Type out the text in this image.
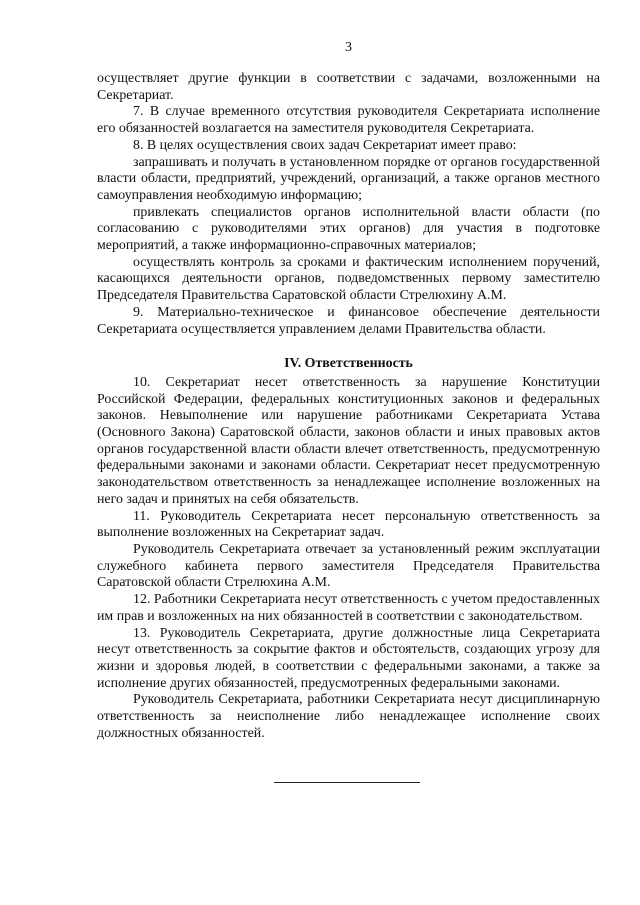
3

осуществляет другие функции в соответствии с задачами, возложенными на Секретариат.

7. В случае временного отсутствия руководителя Секретариата исполнение его обязанностей возлагается на заместителя руководителя Секретариата.

8. В целях осуществления своих задач Секретариат имеет право:

запрашивать и получать в установленном порядке от органов государственной власти области, предприятий, учреждений, организаций, а также органов местного самоуправления необходимую информацию;

привлекать специалистов органов исполнительной власти области (по согласованию с руководителями этих органов) для участия в подготовке мероприятий, а также информационно-справочных материалов;

осуществлять контроль за сроками и фактическим исполнением поручений, касающихся деятельности органов, подведомственных первому заместителю Председателя Правительства Саратовской области Стрелюхину А.М.

9. Материально-техническое и финансовое обеспечение деятельности Секретариата осуществляется управлением делами Правительства области.

IV. Ответственность

10. Секретариат несет ответственность за нарушение Конституции Российской Федерации, федеральных конституционных законов и федеральных законов. Невыполнение или нарушение работниками Секретариата Устава (Основного Закона) Саратовской области, законов области и иных правовых актов органов государственной власти области влечет ответственность, предусмотренную федеральными законами и законами области. Секретариат несет предусмотренную законодательством ответственность за ненадлежащее исполнение возложенных на него задач и принятых на себя обязательств.

11. Руководитель Секретариата несет персональную ответственность за выполнение возложенных на Секретариат задач.

Руководитель Секретариата отвечает за установленный режим эксплуатации служебного кабинета первого заместителя Председателя Правительства Саратовской области Стрелюхина А.М.

12. Работники Секретариата несут ответственность с учетом предоставленных им прав и возложенных на них обязанностей в соответствии с законодательством.

13. Руководитель Секретариата, другие должностные лица Секретариата несут ответственность за сокрытие фактов и обстоятельств, создающих угрозу для жизни и здоровья людей, в соответствии с федеральными законами, а также за исполнение других обязанностей, предусмотренных федеральными законами.

Руководитель Секретариата, работники Секретариата несут дисциплинарную ответственность за неисполнение либо ненадлежащее исполнение своих должностных обязанностей.
